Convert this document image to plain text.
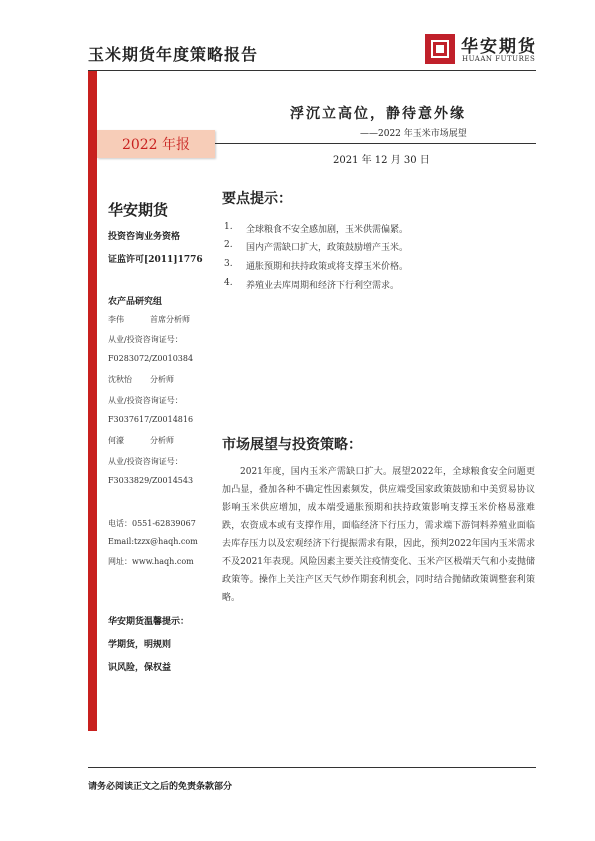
玉米期货年度策略报告	华安期货
HUAAN FUTURES
浮沉立高位，静待意外缘
——2022 年玉米市场展望
2022 年报
2021 年 12 月 30 日
华安期货
投资咨询业务资格
证监许可[2011]1776
农产品研究组
李伟	首席分析师
从业/投资咨询证号：
F0283072/Z0010384
沈秋怡 分析师
从业/投资咨询证号：
F3037617/Z0014816
何濠	分析师
从业/投资咨询证号：
F3033829/Z0014543
电话：0551-62839067
Email:tzzx@haqh.com
网址：www.haqh.com
华安期货温馨提示：
学期货，明规则
识风险，保权益
要点提示：
1. 全球粮食不安全感加剧，玉米供需偏紧。
2. 国内产需缺口扩大，政策鼓励增产玉米。
3. 通胀预期和扶持政策或将支撑玉米价格。
4. 养殖业去库周期和经济下行利空需求。
市场展望与投资策略：
2021年度，国内玉米产需缺口扩大。展望2022年，全球粮食安全问题更加凸显，叠加各种不确定性因素频发，供应端受国家政策鼓励和中美贸易协议影响玉米供应增加，成本端受通胀预期和扶持政策影响支撑玉米价格易涨难跌，农资成本或有支撑作用，面临经济下行压力，需求端下游饲料养殖业面临去库存压力以及宏观经济下行提振需求有限，因此，预判2022年国内玉米需求不及2021年表现。风险因素主要关注疫情变化、玉米产区极端天气和小麦抛储政策等。操作上关注产区天气炒作期套利机会，同时结合抛储政策调整套利策略。
请务必阅读正文之后的免责条款部分
